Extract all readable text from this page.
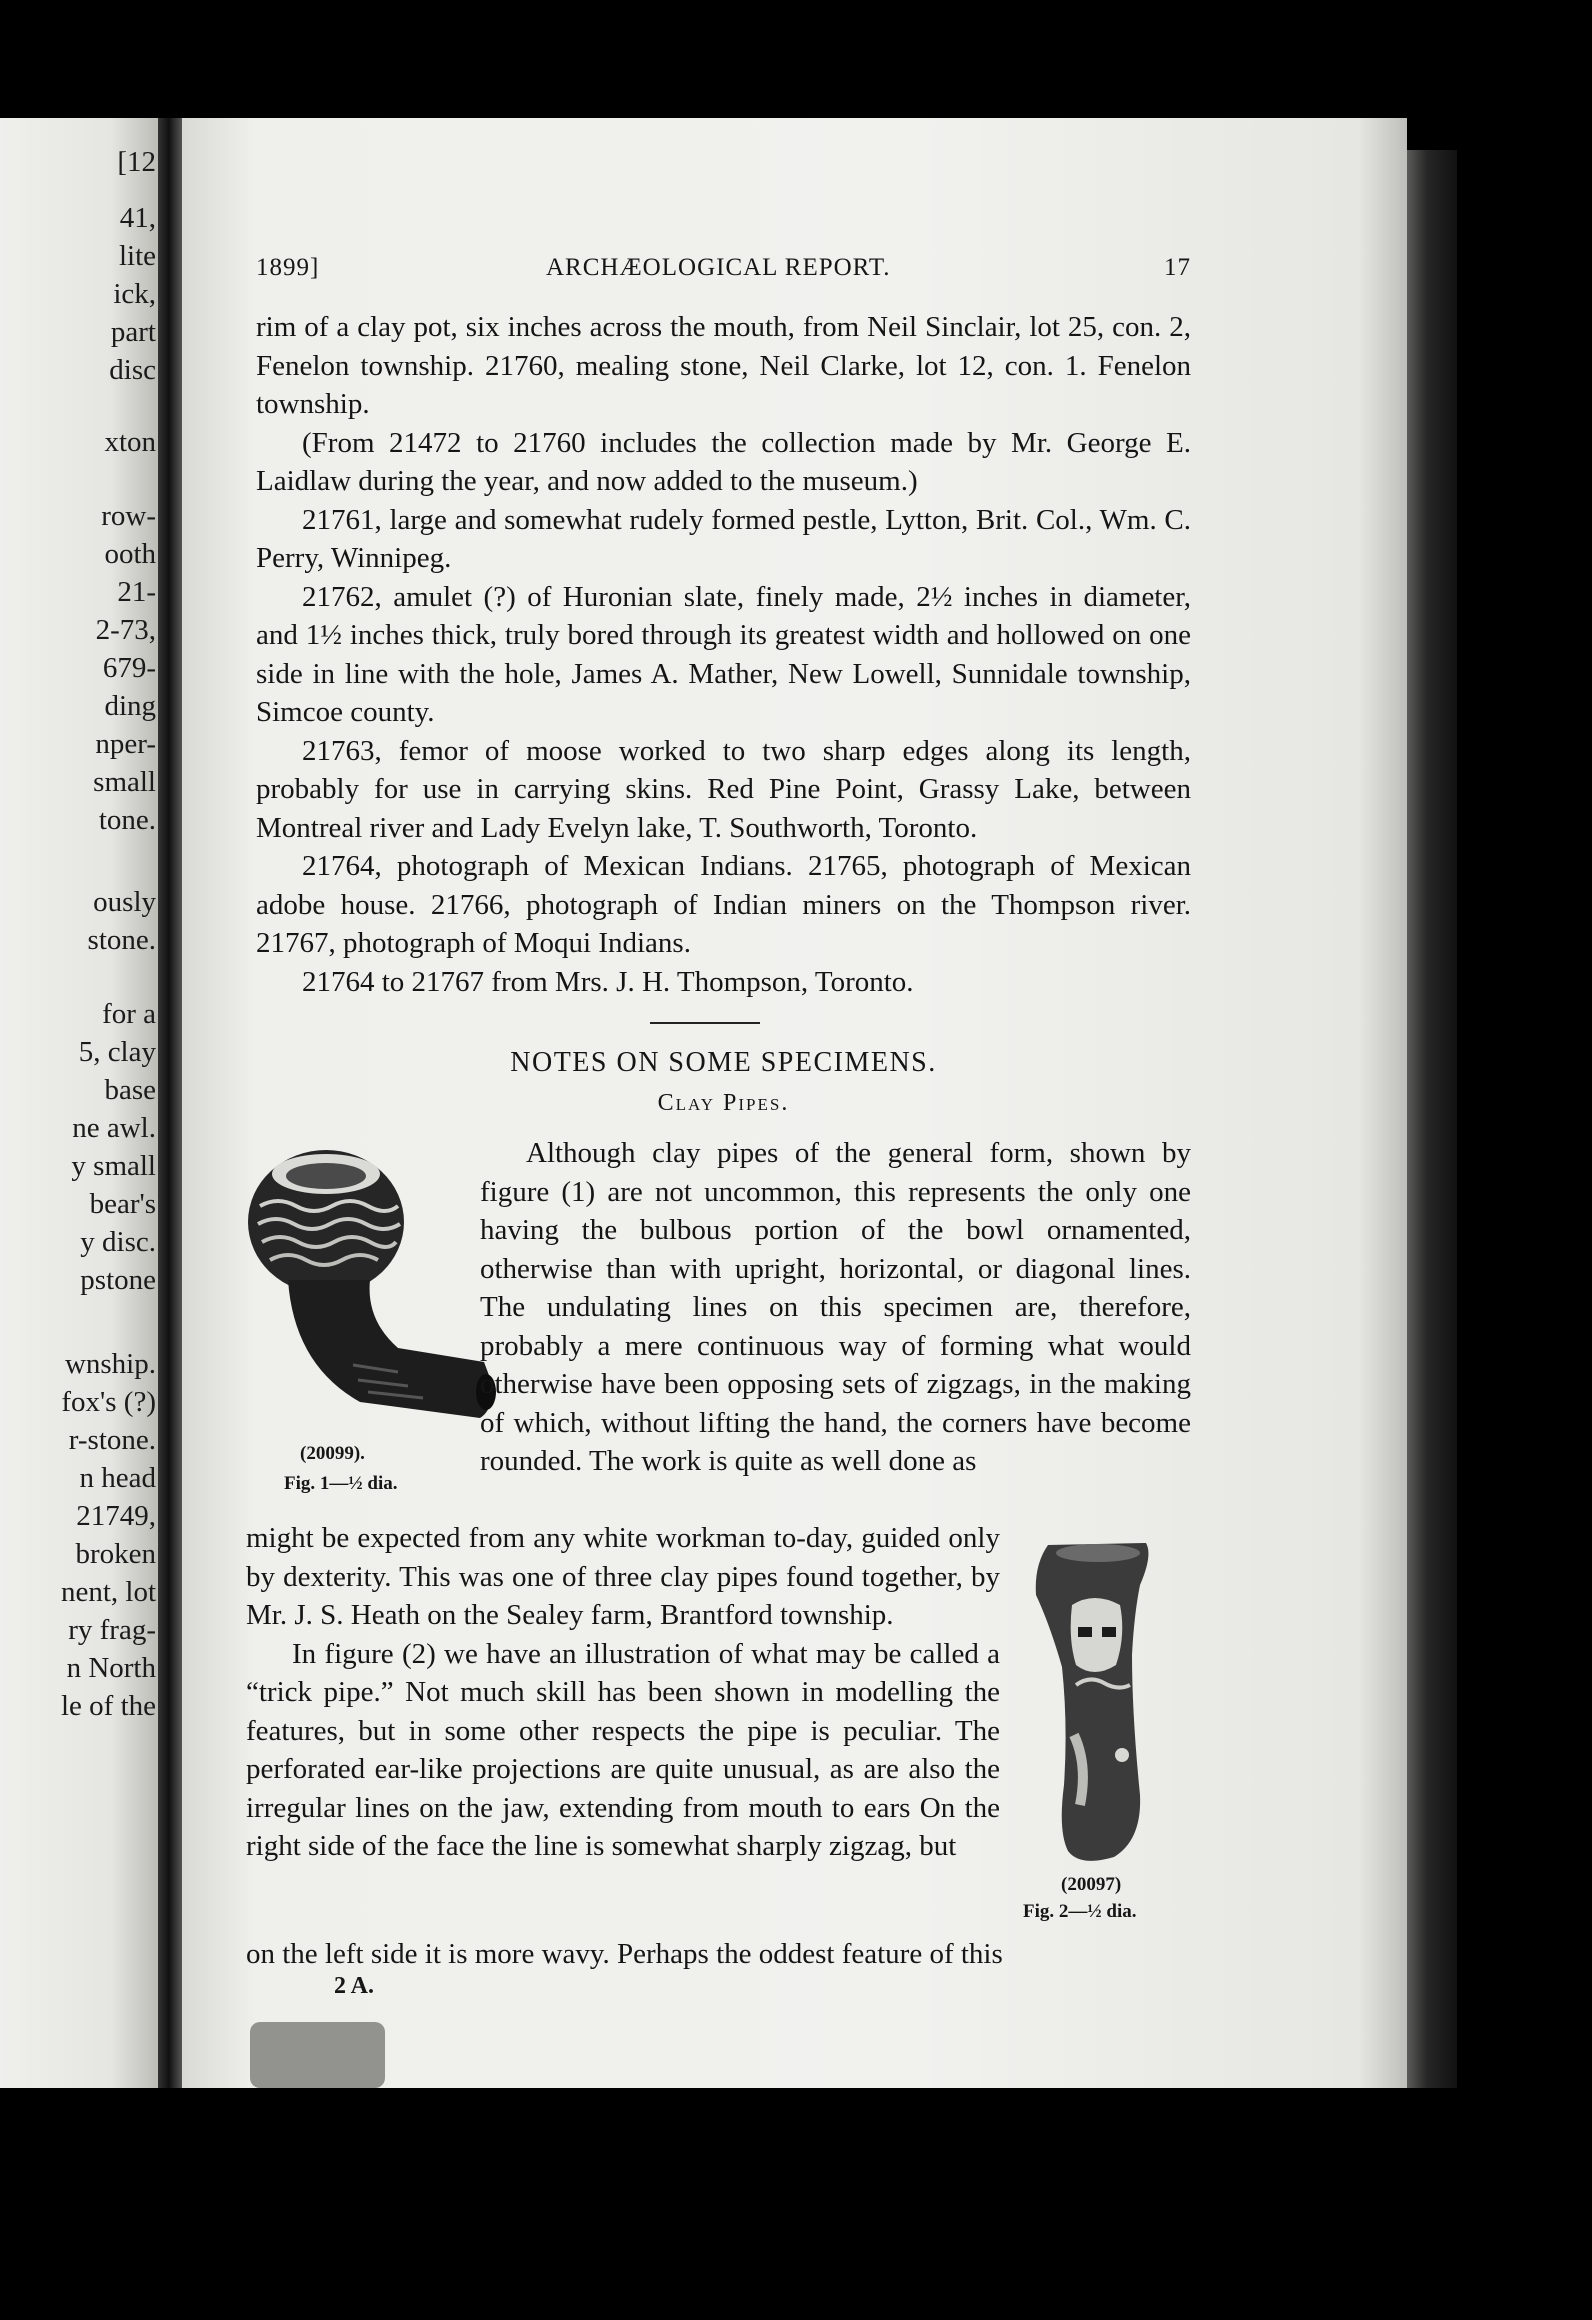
[12
41,
lite
ick,
part
disc
xton
row-
ooth
21-
2-73,
679-
ding
nper-
small
tone.
ously
stone.
for a
5, clay
base
ne awl.
y small
bear's
y disc.
pstone
wnship.
fox's (?)
r-stone.
n head
21749,
broken
nent, lot
ry frag-
n North
le of the
1899]	ARCHÆOLOGICAL REPORT.	17

rim of a clay pot, six inches across the mouth, from Neil Sinclair, lot 25, con. 2, Fenelon township. 21760, mealing stone, Neil Clarke, lot 12, con. 1. Fenelon township.

(From 21472 to 21760 includes the collection made by Mr. George E. Laidlaw during the year, and now added to the museum.)

21761, large and somewhat rudely formed pestle, Lytton, Brit. Col., Wm. C. Perry, Winnipeg.

21762, amulet (?) of Huronian slate, finely made, 2½ inches in diameter, and 1½ inches thick, truly bored through its greatest width and hollowed on one side in line with the hole, James A. Mather, New Lowell, Sunnidale township, Simcoe county.

21763, femor of moose worked to two sharp edges along its length, probably for use in carrying skins. Red Pine Point, Grassy Lake, between Montreal river and Lady Evelyn lake, T. Southworth, Toronto.

21764, photograph of Mexican Indians. 21765, photograph of Mexican adobe house. 21766, photograph of Indian miners on the Thompson river. 21767, photograph of Moqui Indians.

21764 to 21767 from Mrs. J. H. Thompson, Toronto.

NOTES ON SOME SPECIMENS.
Clay Pipes.
(20099).
Fig. 1—½ dia.

Although clay pipes of the general form, shown by figure (1) are not uncommon, this represents the only one having the bulbous portion of the bowl ornamented, otherwise than with upright, horizontal, or diagonal lines. The undulating lines on this specimen are, therefore, probably a mere continuous way of forming what would otherwise have been opposing sets of zigzags, in the making of which, without lifting the hand, the corners have become rounded. The work is quite as well done as

might be expected from any white workman to-day, guided only by dexterity. This was one of three clay pipes found together, by Mr. J. S. Heath on the Sealey farm, Brantford township.

In figure (2) we have an illustration of what may be called a “trick pipe.” Not much skill has been shown in modelling the features, but in some other respects the pipe is peculiar. The perforated ear-like projections are quite unusual, as are also the irregular lines on the jaw, extending from mouth to ears On the right side of the face the line is somewhat sharply zigzag, but

(20097)
Fig. 2—½ dia.

on the left side it is more wavy. Perhaps the oddest feature of this

2 A.
